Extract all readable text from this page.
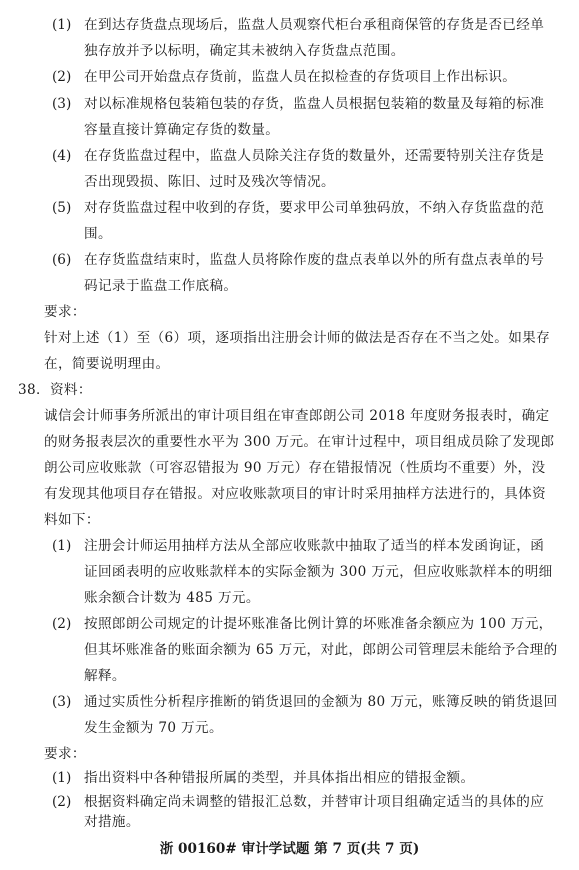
(1) 在到达存货盘点现场后，监盘人员观察代柜台承租商保管的存货是否已经单
独存放并予以标明，确定其未被纳入存货盘点范围。
(2) 在甲公司开始盘点存货前，监盘人员在拟检查的存货项目上作出标识。
(3) 对以标准规格包装箱包装的存货，监盘人员根据包装箱的数量及每箱的标准
容量直接计算确定存货的数量。
(4) 在存货监盘过程中，监盘人员除关注存货的数量外，还需要特别关注存货是
否出现毁损、陈旧、过时及残次等情况。
(5) 对存货监盘过程中收到的存货，要求甲公司单独码放，不纳入存货监盘的范
围。
(6) 在存货监盘结束时，监盘人员将除作废的盘点表单以外的所有盘点表单的号
码记录于监盘工作底稿。
要求：
针对上述（1）至（6）项，逐项指出注册会计师的做法是否存在不当之处。如果存
在，简要说明理由。
38．资料：
诚信会计师事务所派出的审计项目组在审查郎朗公司 2018 年度财务报表时，确定
的财务报表层次的重要性水平为 300 万元。在审计过程中，项目组成员除了发现郎
朗公司应收账款（可容忍错报为 90 万元）存在错报情况（性质均不重要）外，没
有发现其他项目存在错报。对应收账款项目的审计时采用抽样方法进行的，具体资
料如下：
(1) 注册会计师运用抽样方法从全部应收账款中抽取了适当的样本发函询证，函
证回函表明的应收账款样本的实际金额为 300 万元，但应收账款样本的明细
账余额合计数为 485 万元。
(2) 按照郎朗公司规定的计提坏账准备比例计算的坏账准备余额应为 100 万元，
但其坏账准备的账面余额为 65 万元，对此，郎朗公司管理层未能给予合理的
解释。
(3) 通过实质性分析程序推断的销货退回的金额为 80 万元，账簿反映的销货退回
发生金额为 70 万元。
要求：
(1) 指出资料中各种错报所属的类型，并具体指出相应的错报金额。
(2) 根据资料确定尚未调整的错报汇总数，并替审计项目组确定适当的具体的应
对措施。
浙 00160# 审计学试题 第 7 页(共 7 页)
